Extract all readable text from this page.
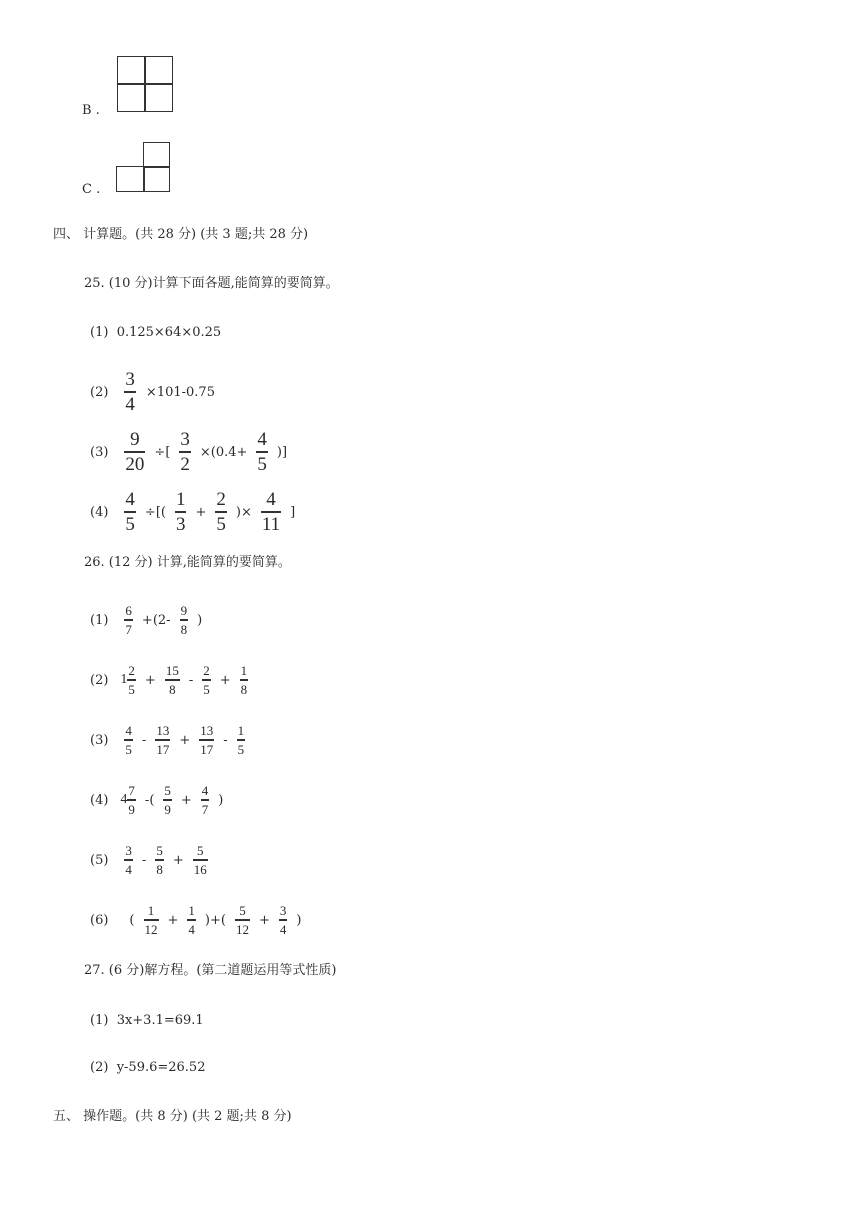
B .
C .
四、 计算题。(共 28 分) (共 3 题;共 28 分)
25. (10 分)计算下面各题,能简算的要简算。
(1) 0.125×64×0.25
$(2) \frac{3}{4} \times 101-0.75$
$(3) \frac{9}{20}$ ÷[ $\frac{3}{2} \times(0.4+ \frac{4}{5}$ )]
$(4) \frac{4}{5}$ ÷[( $\frac{1}{3} + \frac{2}{5}$ )× $\frac{4}{11}$ ]
26. (12 分) 计算,能简算的要简算。
$(1) \frac{6}{7} +(2- \frac{9}{8}$ )
(2) $1 \frac{2}{5} + \frac{15}{8} - \frac{2}{5} + \frac{1}{8}$
$(3) \frac{4}{5} - \frac{13}{17} + \frac{13}{17} - \frac{1}{5}$
(4) $4 \frac{7}{9}$ -( $\frac{5}{9} + \frac{4}{7}$ )
$(5) \frac{3}{4} - \frac{5}{8} + \frac{5}{16}$
(6) ( $\frac{1}{12} + \frac{1}{4}$ )+( $\frac{5}{12} + \frac{3}{4}$ )
27. (6 分)解方程。(第二道题运用等式性质)
(1) 3x+3.1=69.1
(2) y-59.6=26.52
五、 操作题。(共 8 分) (共 2 题;共 8 分)
